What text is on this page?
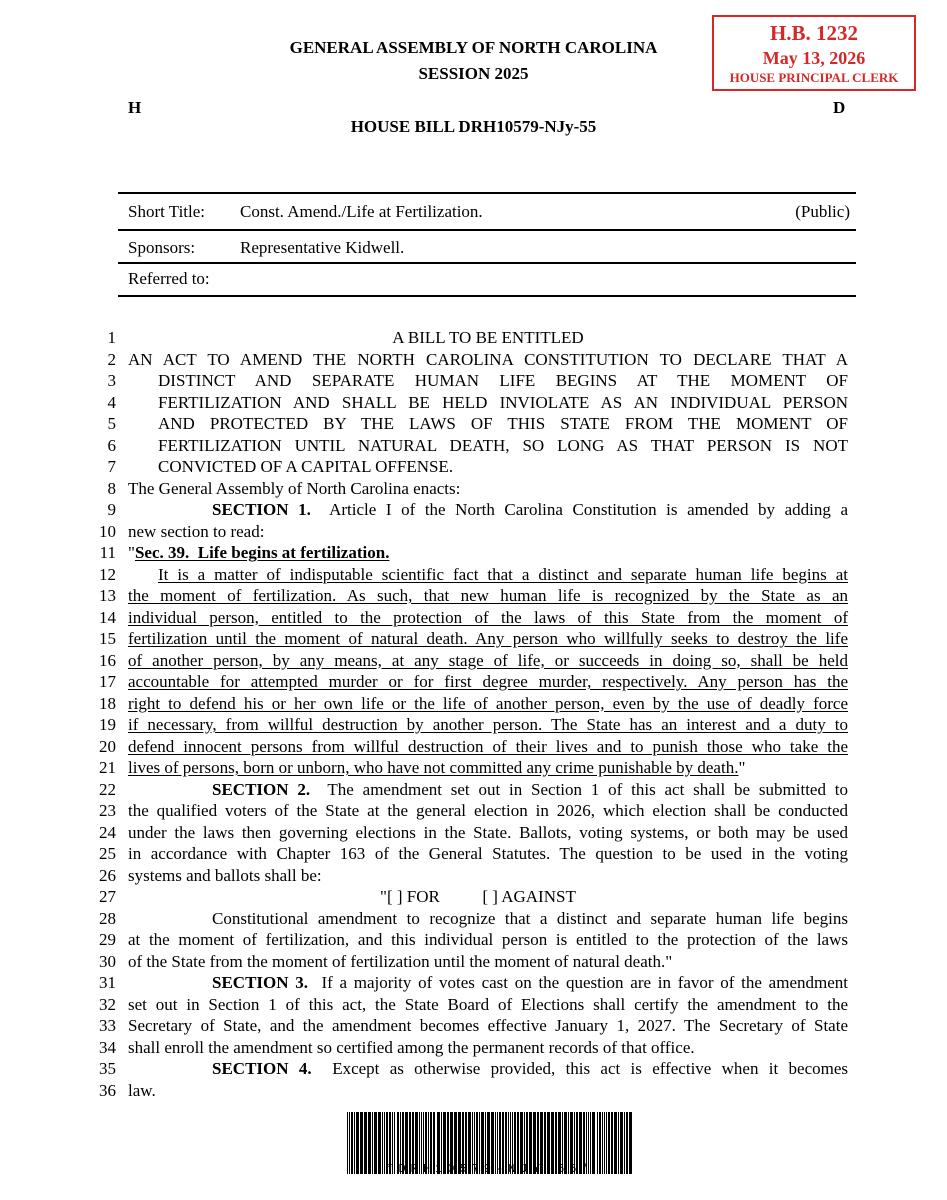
H.B. 1232
May 13, 2026
HOUSE PRINCIPAL CLERK
GENERAL ASSEMBLY OF NORTH CAROLINA
SESSION 2025
H	D
HOUSE BILL DRH10579-NJy-55
Short Title: Const. Amend./Life at Fertilization.	(Public)
Sponsors:	Representative Kidwell.
Referred to:
1	A BILL TO BE ENTITLED
2 AN ACT TO AMEND THE NORTH CAROLINA CONSTITUTION TO DECLARE THAT A
3 DISTINCT AND SEPARATE HUMAN LIFE BEGINS AT THE MOMENT OF
4 FERTILIZATION AND SHALL BE HELD INVIOLATE AS AN INDIVIDUAL PERSON
5 AND PROTECTED BY THE LAWS OF THIS STATE FROM THE MOMENT OF
6 FERTILIZATION UNTIL NATURAL DEATH, SO LONG AS THAT PERSON IS NOT
7 CONVICTED OF A CAPITAL OFFENSE.
8 The General Assembly of North Carolina enacts:
9	SECTION 1.  Article I of the North Carolina Constitution is amended by adding a
10 new section to read:
11 "Sec. 39.  Life begins at fertilization.
12	It is a matter of indisputable scientific fact that a distinct and separate human life begins at
13 the moment of fertilization. As such, that new human life is recognized by the State as an
14 individual person, entitled to the protection of the laws of this State from the moment of
15 fertilization until the moment of natural death. Any person who willfully seeks to destroy the life
16 of another person, by any means, at any stage of life, or succeeds in doing so, shall be held
17 accountable for attempted murder or for first degree murder, respectively. Any person has the
18 right to defend his or her own life or the life of another person, even by the use of deadly force
19 if necessary, from willful destruction by another person. The State has an interest and a duty to
20 defend innocent persons from willful destruction of their lives and to punish those who take the
21 lives of persons, born or unborn, who have not committed any crime punishable by death."
22	SECTION 2.  The amendment set out in Section 1 of this act shall be submitted to
23 the qualified voters of the State at the general election in 2026, which election shall be conducted
24 under the laws then governing elections in the State. Ballots, voting systems, or both may be used
25 in accordance with Chapter 163 of the General Statutes. The question to be used in the voting
26 systems and ballots shall be:
27	"[ ] FOR          [ ] AGAINST
28	Constitutional amendment to recognize that a distinct and separate human life begins
29 at the moment of fertilization, and this individual person is entitled to the protection of the laws
30 of the State from the moment of fertilization until the moment of natural death."
31	SECTION 3.  If a majority of votes cast on the question are in favor of the amendment
32 set out in Section 1 of this act, the State Board of Elections shall certify the amendment to the
33 Secretary of State, and the amendment becomes effective January 1, 2027. The Secretary of State
34 shall enroll the amendment so certified among the permanent records of that office.
35	SECTION 4.  Except as otherwise provided, this act is effective when it becomes
36 law.
*DRH10579-NJY-55*
